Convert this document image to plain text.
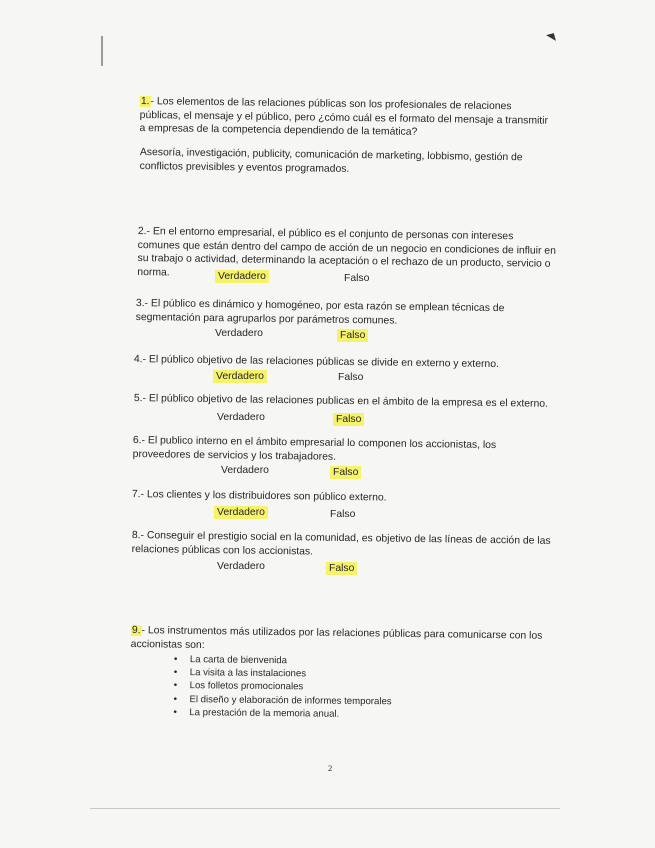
1.- Los elementos de las relaciones públicas son los profesionales de relaciones públicas, el mensaje y el público, pero ¿cómo cuál es el formato del mensaje a transmitir a empresas de la competencia dependiendo de la temática?
Asesoría, investigación, publicity, comunicación de marketing, lobbismo, gestión de conflictos previsibles y eventos programados.
2.- En el entorno empresarial, el público es el conjunto de personas con intereses comunes que están dentro del campo de acción de un negocio en condiciones de influir en su trabajo o actividad, determinando la aceptación o el rechazo de un producto, servicio o norma.	Verdadero	Falso
3.- El público es dinámico y homogéneo, por esta razón se emplean técnicas de segmentación para agruparlos por parámetros comunes.
Verdadero	Falso
4.- El público objetivo de las relaciones públicas se divide en externo y externo.
Verdadero	Falso
5.- El público objetivo de las relaciones publicas en el ámbito de la empresa es el externo.
Verdadero	Falso
6.- El publico interno en el ámbito empresarial lo componen los accionistas, los proveedores de servicios y los trabajadores.
Verdadero	Falso
7.- Los clientes y los distribuidores son público externo.
Verdadero	Falso
8.- Conseguir el prestigio social en la comunidad, es objetivo de las líneas de acción de las relaciones públicas con los accionistas.
Verdadero	Falso
9.- Los instrumentos más utilizados por las relaciones públicas para comunicarse con los accionistas son:
• La carta de bienvenida
• La visita a las instalaciones
• Los folletos promocionales
• El diseño y elaboración de informes temporales
• La prestación de la memoria anual.
2
